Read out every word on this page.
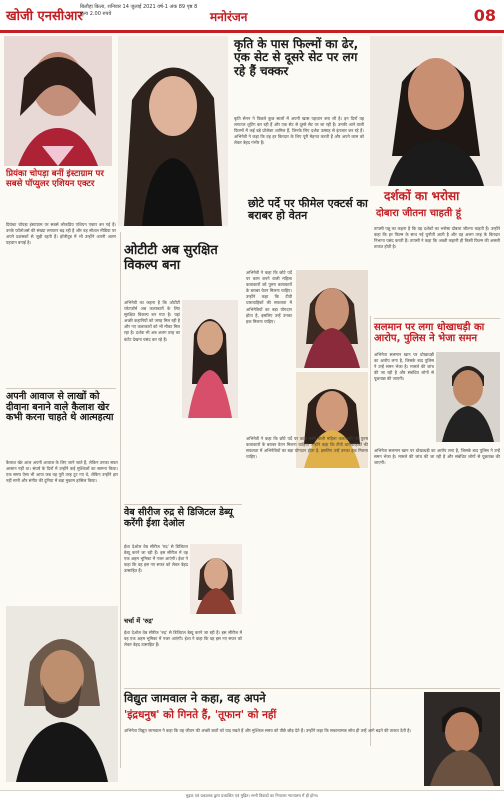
खोजी एनसीआर
बिलौहा किला, शनिवार 14 जुलाई 2021 वर्ष-1 अंक 89 पृष्ठ 8 मूल्य 2.00 रुपये	मनोरंजन	08
कृति के पास फिल्मों का ढेर, एक सेट से दूसरे सेट पर लग रहे हैं चक्कर
कृति सेनन ने पिछले कुछ सालों में अपनी खास पहचान बना ली है। इन दिनों वह लगातार शूटिंग कर रही हैं और एक सेट से दूसरे सेट पर जा रही हैं। उनकी आने वाली फिल्मों में कई बड़े प्रोजेक्ट शामिल हैं, जिनके लिए दर्शक उत्साह से इंतजार कर रहे हैं। अभिनेत्री ने कहा कि वह हर किरदार के लिए पूरी मेहनत करती हैं और अपने काम को लेकर बेहद गंभीर हैं।
दर्शकों का भरोसा
दोबारा जीतना चाहती हूं
तापसी पन्नू का कहना है कि वह दर्शकों का भरोसा दोबारा जीतना चाहती हैं। उन्होंने कहा कि हर फिल्म के साथ नई चुनौती आती है और वह अलग तरह के किरदार निभाना पसंद करती हैं। तापसी ने कहा कि अच्छी कहानी ही किसी फिल्म की असली ताकत होती है।
प्रियंका चोपड़ा बनीं इंस्टाग्राम पर सबसे पॉप्युलर एशियन एक्टर
प्रियंका चोपड़ा इंस्टाग्राम पर सबसे लोकप्रिय एशियन एक्टर बन गई हैं। उनके फॉलोअर्स की संख्या लगातार बढ़ रही है और वह सोशल मीडिया पर अपने प्रशंसकों से जुड़ी रहती हैं। हॉलीवुड में भी उन्होंने अपनी अलग पहचान बनाई है।
अपनी आवाज से लाखों को दीवाना बनाने वाले कैलाश खेर कभी करना चाहते थे आत्महत्या
कैलाश खेर आज अपनी आवाज के लिए जाने जाते हैं, लेकिन उनका सफर आसान नहीं था। संघर्ष के दिनों में उन्होंने कई मुश्किलों का सामना किया। एक समय ऐसा भी आया जब वह पूरी तरह टूट गए थे, लेकिन उन्होंने हार नहीं मानी और संगीत की दुनिया में बड़ा मुकाम हासिल किया।
ओटीटी अब सुरक्षित विकल्प बना
अभिनेत्री का कहना है कि ओटीटी प्लेटफॉर्म अब कलाकारों के लिए सुरक्षित विकल्प बन गया है। यहां अच्छी कहानियों को जगह मिल रही है और नए कलाकारों को भी मौका मिल रहा है। दर्शक भी अब अलग तरह का कंटेंट देखना पसंद कर रहे हैं।
छोटे पर्दे पर फीमेल एक्टर्स का बराबर हो वेतन
अभिनेत्री ने कहा कि छोटे पर्दे पर काम करने वाली महिला कलाकारों को पुरुष कलाकारों के बराबर वेतन मिलना चाहिए। उन्होंने कहा कि टीवी धारावाहिकों की सफलता में अभिनेत्रियों का बड़ा योगदान होता है, इसलिए उन्हें उनका हक मिलना चाहिए।
अभिनेत्री ने कहा कि छोटे पर्दे पर काम करने वाली महिला कलाकारों को पुरुष कलाकारों के बराबर वेतन मिलना चाहिए। उन्होंने कहा कि टीवी धारावाहिकों की सफलता में अभिनेत्रियों का बड़ा योगदान होता है, इसलिए उन्हें उनका हक मिलना चाहिए।
वेब सीरीज रुद्र से डिजिटल डेब्यू करेंगी ईशा देओल
ईशा देओल वेब सीरीज 'रुद्र' से डिजिटल डेब्यू करने जा रही हैं। इस सीरीज में वह एक अहम भूमिका में नजर आएंगी। ईशा ने कहा कि वह इस नए सफर को लेकर बेहद उत्साहित हैं।
चर्चा में 'रुद्र'
ईशा देओल वेब सीरीज 'रुद्र' से डिजिटल डेब्यू करने जा रही हैं। इस सीरीज में वह एक अहम भूमिका में नजर आएंगी। ईशा ने कहा कि वह इस नए सफर को लेकर बेहद उत्साहित हैं।
सलमान पर लगा धोखाधड़ी का आरोप, पुलिस ने भेजा समन
अभिनेता सलमान खान पर धोखाधड़ी का आरोप लगा है, जिसके बाद पुलिस ने उन्हें समन भेजा है। मामले की जांच की जा रही है और संबंधित लोगों से पूछताछ की जाएगी।
अभिनेता सलमान खान पर धोखाधड़ी का आरोप लगा है, जिसके बाद पुलिस ने उन्हें समन भेजा है। मामले की जांच की जा रही है और संबंधित लोगों से पूछताछ की जाएगी।
विद्युत जामवाल ने कहा, वह अपने
'इंद्रधनुष' को गिनते हैं, 'तूफान' को नहीं
अभिनेता विद्युत जामवाल ने कहा कि वह जीवन की अच्छी बातों को याद रखते हैं और मुश्किल समय को पीछे छोड़ देते हैं। उन्होंने कहा कि सकारात्मक सोच ही उन्हें आगे बढ़ने की ताकत देती है।
मुद्रक एवं प्रकाशक द्वारा प्रकाशित एवं मुद्रित। सभी विवादों का निपटारा न्यायालय में ही होगा।
